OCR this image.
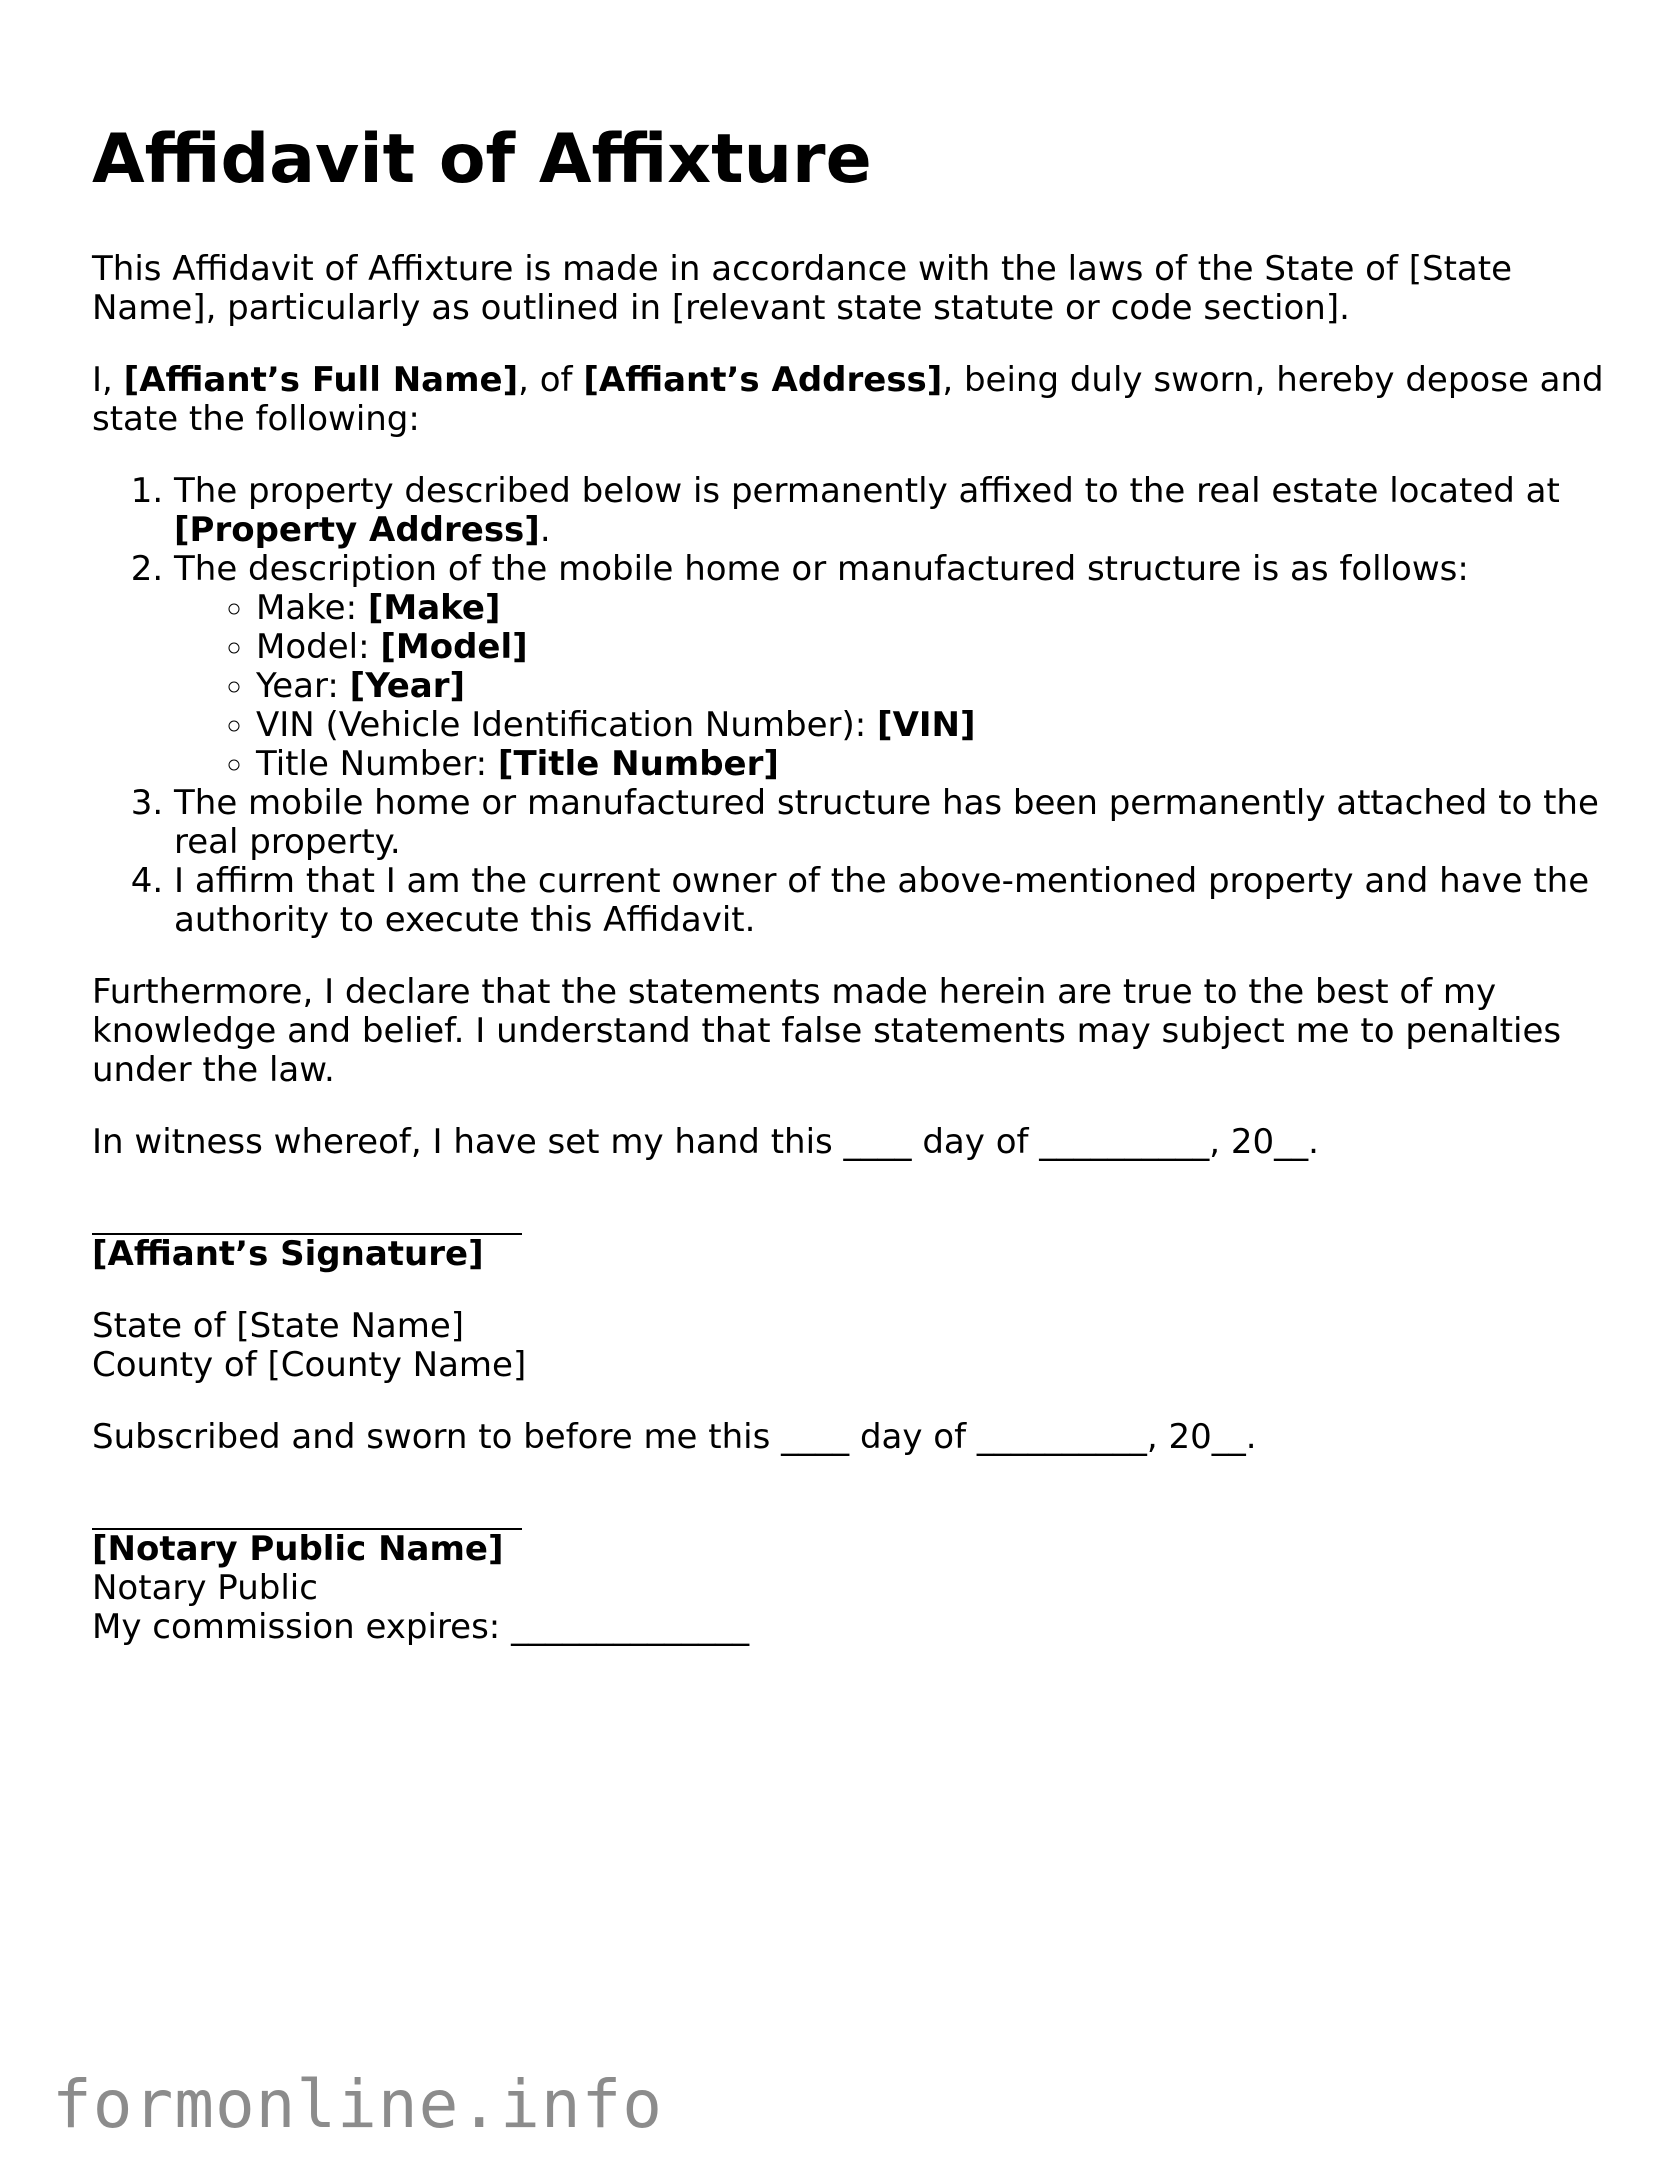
Affidavit of Affixture

This Affidavit of Affixture is made in accordance with the laws of the State of [State Name], particularly as outlined in [relevant state statute or code section].

I, [Affiant’s Full Name], of [Affiant’s Address], being duly sworn, hereby depose and state the following:

1. The property described below is permanently affixed to the real estate located at [Property Address].
2. The description of the mobile home or manufactured structure is as follows:
◦ Make: [Make]
◦ Model: [Model]
◦ Year: [Year]
◦ VIN (Vehicle Identification Number): [VIN]
◦ Title Number: [Title Number]
3. The mobile home or manufactured structure has been permanently attached to the real property.
4. I affirm that I am the current owner of the above-mentioned property and have the authority to execute this Affidavit.

Furthermore, I declare that the statements made herein are true to the best of my knowledge and belief. I understand that false statements may subject me to penalties under the law.

In witness whereof, I have set my hand this ____ day of __________, 20__.

[Affiant’s Signature]
State of [State Name]
County of [County Name]

Subscribed and sworn to before me this ____ day of __________, 20__.

[Notary Public Name]
Notary Public
My commission expires: ______________
formonline.info
